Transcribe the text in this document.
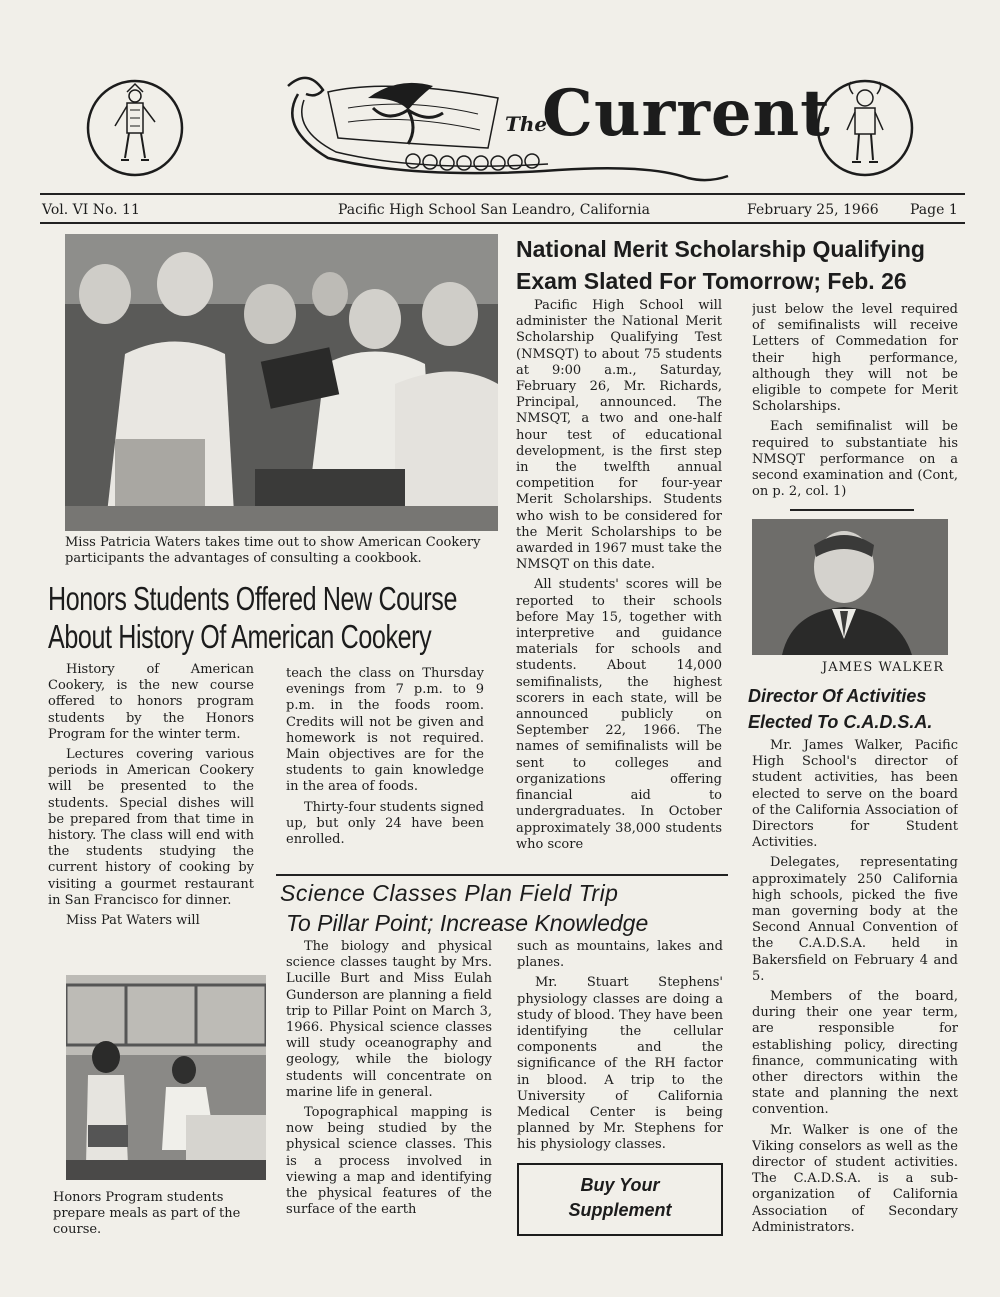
The
Current
Vol. VI No. 11	Pacific High School San Leandro, California	February 25, 1966 Page 1
Miss Patricia Waters takes time out to show American Cookery participants the advantages of consulting a cookbook.
Honors Students Offered New Course
About History Of American Cookery

History of American Cookery, is the new course offered to honors program students by the Honors Program for the winter term.

Lectures covering various periods in American Cookery will be presented to the students. Special dishes will be prepared from that time in history. The class will end with the students studying the current history of cooking by visiting a gourmet restaurant in San Francisco for dinner.

Miss Pat Waters will

teach the class on Thursday evenings from 7 p.m. to 9 p.m. in the foods room. Credits will not be given and homework is not required. Main objectives are for the students to gain knowledge in the area of foods.

Thirty-four students signed up, but only 24 have been enrolled.

Honors Program students prepare meals as part of the course.
National Merit Scholarship Qualifying
Exam Slated For Tomorrow; Feb. 26

Pacific High School will administer the National Merit Scholarship Qualifying Test (NMSQT) to about 75 students at 9:00 a.m., Saturday, February 26, Mr. Richards, Principal, announced. The NMSQT, a two and one-half hour test of educational development, is the first step in the twelfth annual competition for four-year Merit Scholarships. Students who wish to be considered for the Merit Scholarships to be awarded in 1967 must take the NMSQT on this date.

All students' scores will be reported to their schools before May 15, together with interpretive and guidance materials for schools and students. About 14,000 semifinalists, the highest scorers in each state, will be announced publicly on September 22, 1966. The names of semifinalists will be sent to colleges and organizations offering financial aid to undergraduates. In October approximately 38,000 students who score

just below the level required of semifinalists will receive Letters of Commedation for their high performance, although they will not be eligible to compete for Merit Scholarships.

Each semifinalist will be required to substantiate his NMSQT performance on a second examination and (Cont, on p. 2, col. 1)

JAMES WALKER
Director Of Activities
Elected To C.A.D.S.A.

Mr. James Walker, Pacific High School's director of student activities, has been elected to serve on the board of the California Association of Directors for Student Activities.

Delegates, representating approximately 250 California high schools, picked the five man governing body at the Second Annual Convention of the C.A.D.S.A. held in Bakersfield on February 4 and 5.

Members of the board, during their one year term, are responsible for establishing policy, directing finance, communicating with other directors within the state and planning the next convention.

Mr. Walker is one of the Viking conselors as well as the director of student activities. The C.A.D.S.A. is a sub-organization of California Association of Secondary Administrators.

Science Classes Plan Field Trip
To Pillar Point; Increase Knowledge

The biology and physical science classes taught by Mrs. Lucille Burt and Miss Eulah Gunderson are planning a field trip to Pillar Point on March 3, 1966. Physical science classes will study oceanography and geology, while the biology students will concentrate on marine life in general.

Topographical mapping is now being studied by the physical science classes. This is a process involved in viewing a map and identifying the physical features of the surface of the earth

such as mountains, lakes and planes.

Mr. Stuart Stephens' physiology classes are doing a study of blood. They have been identifying the cellular components and the significance of the RH factor in blood. A trip to the University of California Medical Center is being planned by Mr. Stephens for his physiology classes.

Buy Your
Supplement
